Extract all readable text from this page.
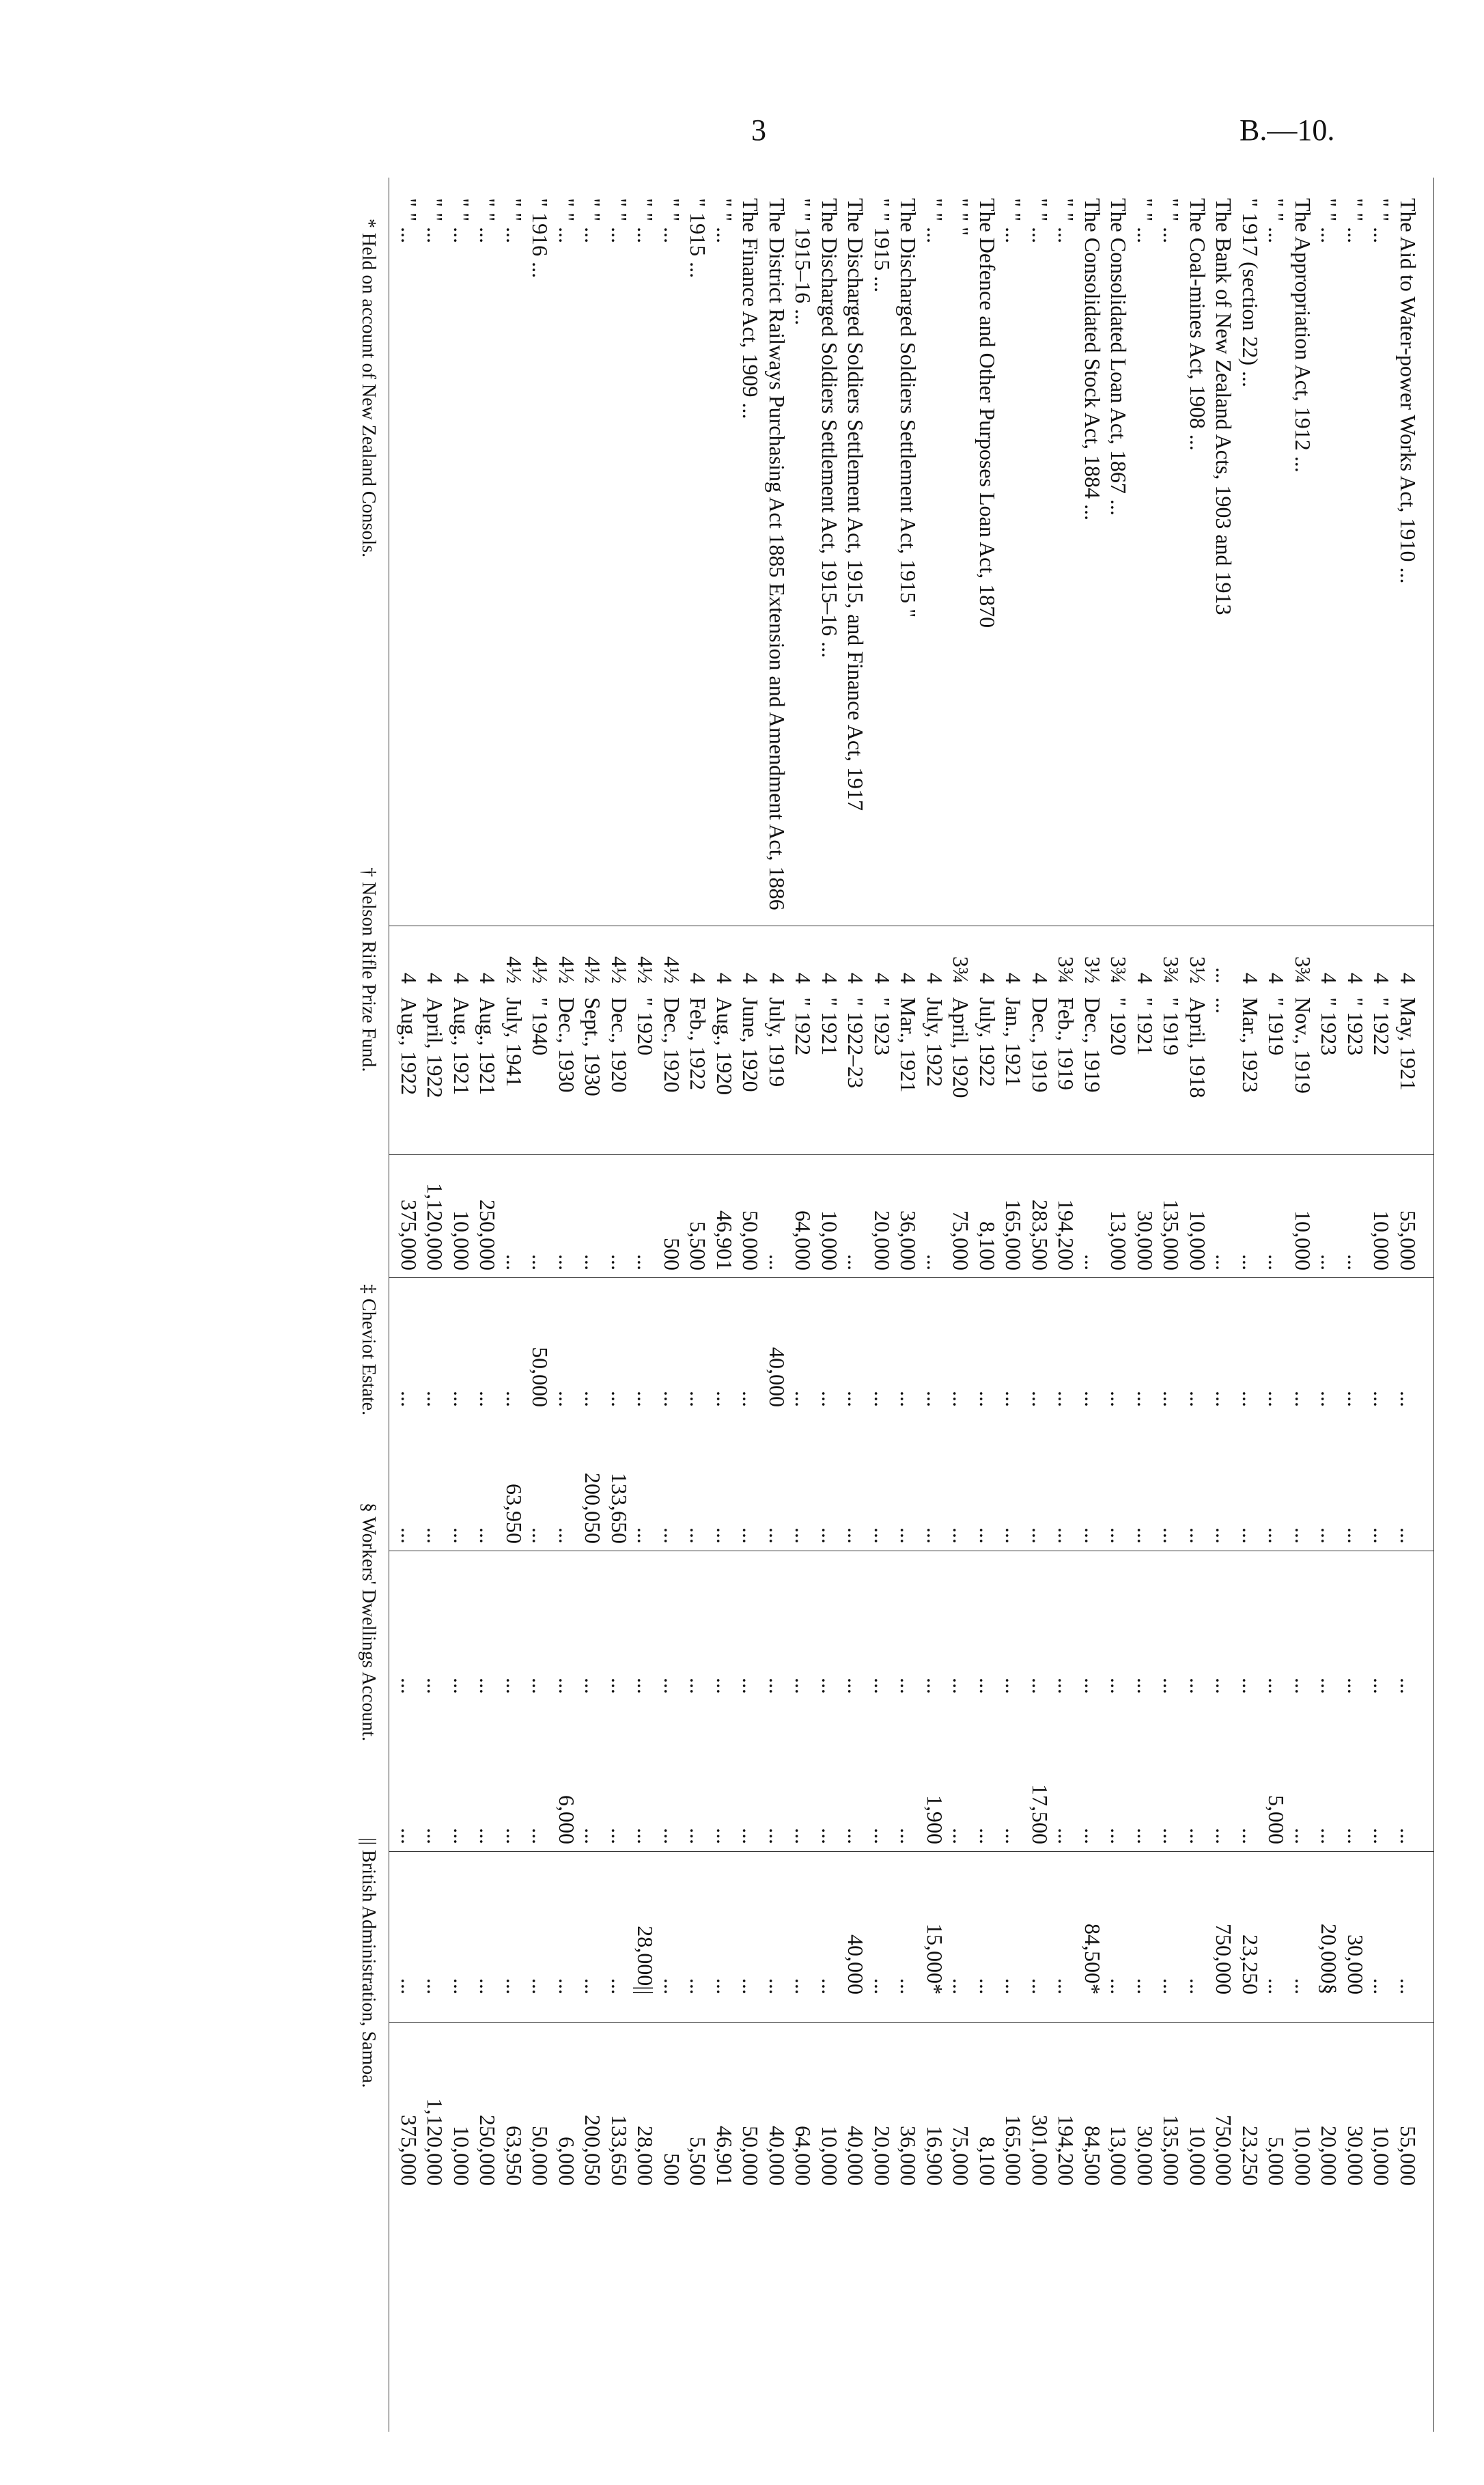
3	B.—10.
The Aid to Water-power Works Act, 1910 ...
4
May, 1921
55,000
...
...
...
...
...
55,000
" " ...
4
" 1922
10,000
...
...
...
...
...
10,000
" " ...
4
" 1923
...
...
...
...
...
30,000
30,000
" " ...
4
" 1923
...
...
...
...
...
20,000§
20,000
The Appropriation Act, 1912 ...
3¾
Nov., 1919
10,000
...
...
...
...
...
10,000
" " ...
4
" 1919
...
...
...
...
5,000
...
5,000
" 1917 (section 22) ...
4
Mar., 1923
...
...
...
...
...
23,250
23,250
The Bank of New Zealand Acts, 1903 and 1913
...
...
...
...
...
...
...
750,000
750,000
The Coal-mines Act, 1908 ...
3½
April, 1918
10,000
...
...
...
...
...
10,000
" " ...
3¾
" 1919
135,000
...
...
...
...
...
135,000
" " ...
4
" 1921
30,000
...
...
...
...
...
30,000
The Consolidated Loan Act, 1867 ...
3¾
" 1920
13,000
...
...
...
...
...
13,000
The Consolidated Stock Act, 1884 ...
3½
Dec., 1919
...
...
...
...
...
84,500*
84,500
" " ...
3¾
Feb., 1919
194,200
...
...
...
...
...
194,200
" " ...
4
Dec., 1919
283,500
...
...
...
17,500
...
301,000
" " ...
4
Jan., 1921
165,000
...
...
...
...
...
165,000
The Defence and Other Purposes Loan Act, 1870
4
July, 1922
8,100
...
...
...
...
...
8,100
" " "
3¾
April, 1920
75,000
...
...
...
...
...
75,000
" " ...
4
July, 1922
...
...
...
...
1,900
15,000*
16,900
The Discharged Soldiers Settlement Act, 1915 "
4
Mar., 1921
36,000
...
...
...
...
...
36,000
" " 1915 ...
4
" 1923
20,000
...
...
...
...
...
20,000
The Discharged Soldiers Settlement Act, 1915, and Finance Act, 1917
4
" 1922–23
...
...
...
...
...
40,000
40,000
The Discharged Soldiers Settlement Act, 1915–16 ...
4
" 1921
10,000
...
...
...
...
...
10,000
" " 1915–16 ...
4
" 1922
64,000
...
...
...
...
...
64,000
The District Railways Purchasing Act 1885 Extension and Amendment Act, 1886
4
July, 1919
...
40,000
...
...
...
...
40,000
The Finance Act, 1909 ...
4
June, 1920
50,000
...
...
...
...
...
50,000
" " ...
4
Aug., 1920
46,901
...
...
...
...
...
46,901
" 1915 ...
4
Feb., 1922
5,500
...
...
...
...
...
5,500
" " ...
4½
Dec., 1920
500
...
...
...
...
...
500
" " ...
4½
" 1920
...
...
...
...
...
28,000||
28,000
" " ...
4½
Dec., 1920
...
...
133,650
...
...
...
133,650
" " ...
4½
Sept., 1930
...
...
200,050
...
...
...
200,050
" " ...
4½
Dec., 1930
...
...
...
...
6,000
...
6,000
" 1916 ...
4½
" 1940
...
50,000
...
...
...
...
50,000
" " ...
4½
July, 1941
...
...
63,950
...
...
...
63,950
" " ...
4
Aug., 1921
250,000
...
...
...
...
...
250,000
" " ...
4
Aug., 1921
10,000
...
...
...
...
...
10,000
" " ...
4
April, 1922
1,120,000
...
...
...
...
...
1,120,000
" " ...
4
Aug., 1922
375,000
...
...
...
...
...
375,000
* Held on account of New Zealand Consols.
† Nelson Rifle Prize Fund.
‡ Cheviot Estate.
§ Workers' Dwellings Account.
|| British Administration, Samoa.
